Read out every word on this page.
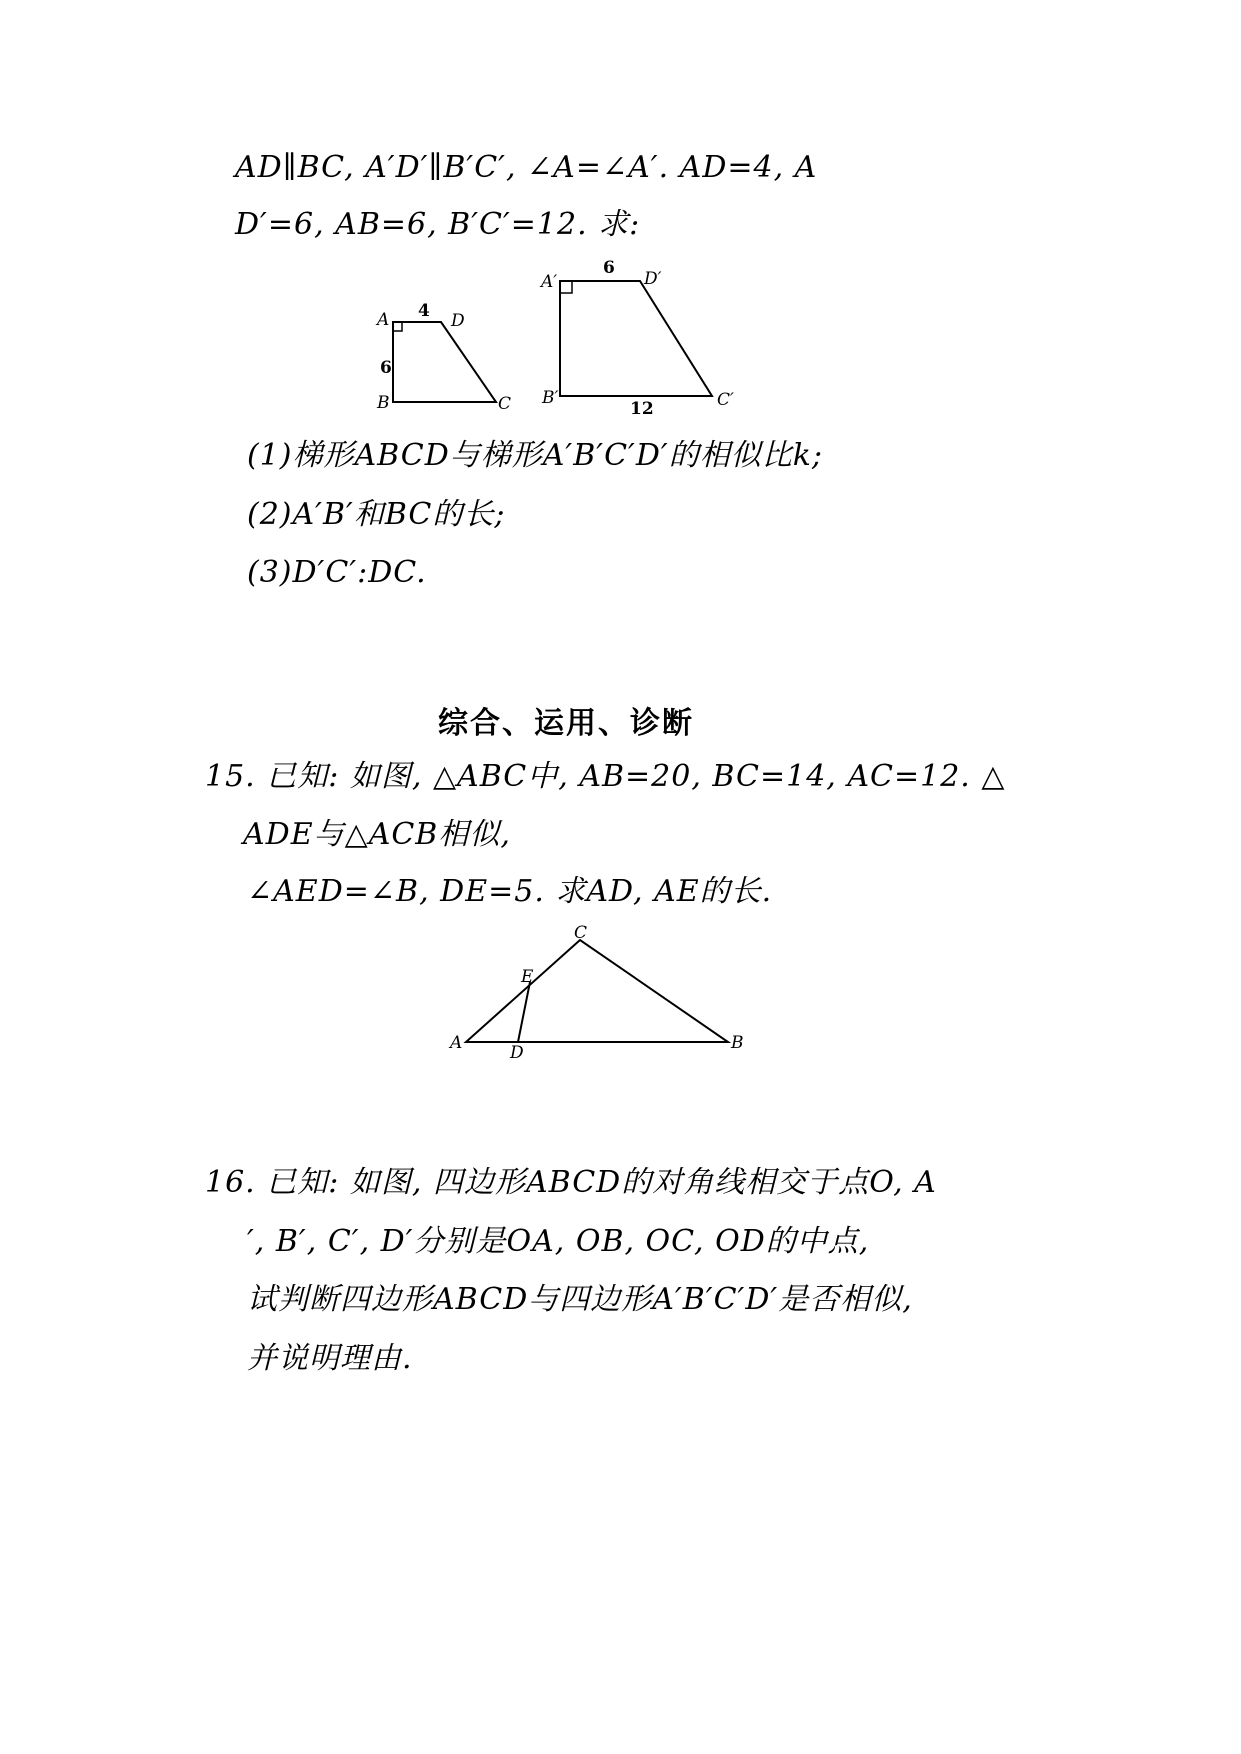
AD∥BC, A′D′∥B′C′, ∠A=∠A′. AD=4, A
D′=6, AB=6, B′C′=12. 求:
A	D
B	C
4
6
A′	D′
B′	C′
6
12
(1)梯形ABCD与梯形A′B′C′D′的相似比k;
(2)A′B′和BC的长;
(3)D′C′:DC.
综合、运用、诊断
15. 已知: 如图, △ABC中, AB=20, BC=14, AC=12. △
ADE与△ACB相似,
∠AED=∠B, DE=5. 求AD, AE的长.
A	B
C
D
E
16. 已知: 如图, 四边形ABCD的对角线相交于点O, A
′, B′, C′, D′分别是OA, OB, OC, OD的中点,
试判断四边形ABCD与四边形A′B′C′D′是否相似,
并说明理由.
